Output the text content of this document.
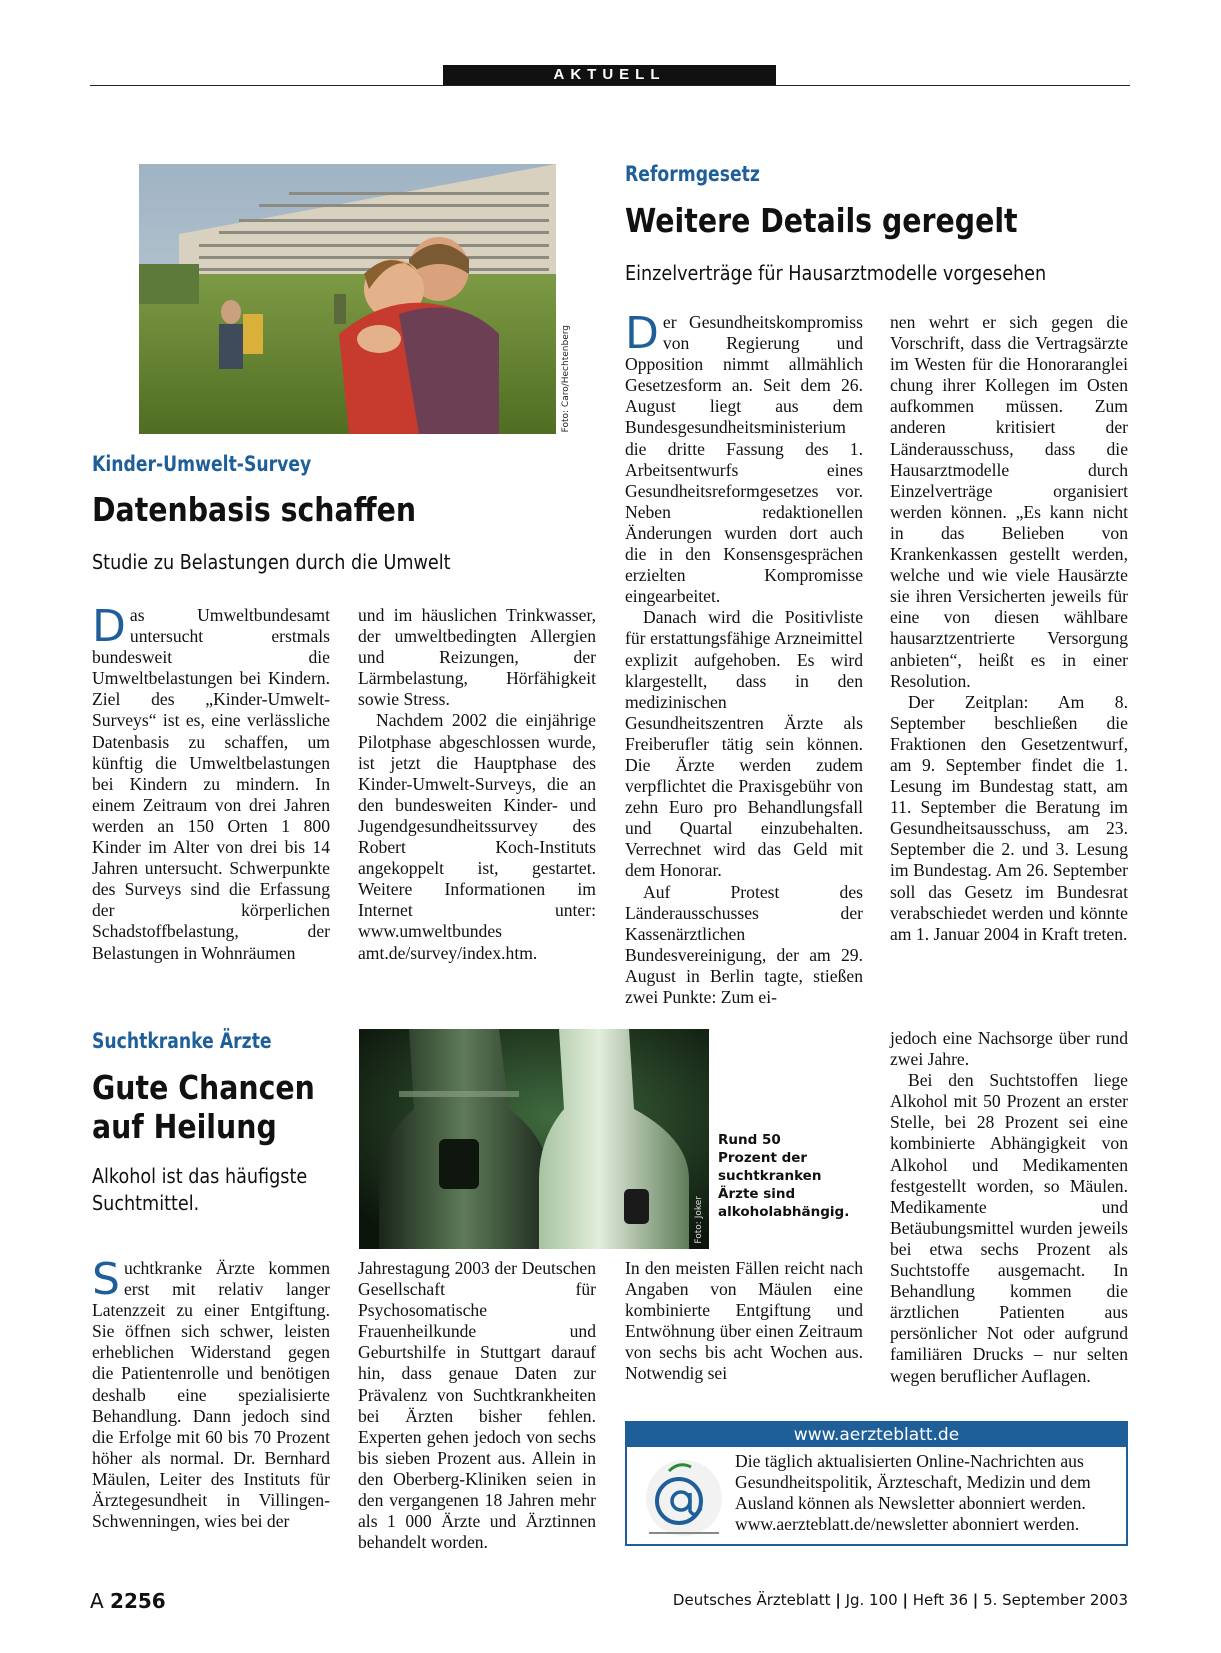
AKTUELL
Foto: Caro/Hechtenberg
Kinder-Umwelt-Survey
Datenbasis schaffen
Studie zu Belastungen durch die Umwelt

Das Umweltbundesamt untersucht erstmals bundesweit die Umweltbelastungen bei Kindern. Ziel des „Kinder-Umwelt-Surveys“ ist es, eine verlässliche Datenbasis zu schaffen, um künftig die Umweltbelastungen bei Kindern zu mindern. In einem Zeitraum von drei Jahren werden an 150 Orten 1 800 Kinder im Alter von drei bis 14 Jahren untersucht. Schwerpunkte des Surveys sind die Erfassung der körperlichen Schadstoffbelastung, der Belastungen in Wohnräumen

und im häuslichen Trinkwasser, der umweltbedingten Allergien und Reizungen, der Lärmbelastung, Hörfähigkeit sowie Stress.

Nachdem 2002 die einjährige Pilotphase abgeschlossen wurde, ist jetzt die Hauptphase des Kinder-Umwelt-Surveys, die an den bundesweiten Kinder- und Jugendgesundheitssurvey des Robert Koch-Instituts angekoppelt ist, gestartet. Weitere Informationen im Internet unter: www.umweltbundes amt.de/survey/index.htm.

Reformgesetz
Weitere Details geregelt
Einzelverträge für Hausarztmodelle vorgesehen

Der Gesundheitskompromiss von Regierung und Opposition nimmt allmählich Gesetzesform an. Seit dem 26. August liegt aus dem Bundesgesundheitsministerium die dritte Fassung des 1. Arbeitsentwurfs eines Gesundheitsreformgesetzes vor. Neben redaktionellen Änderungen wurden dort auch die in den Konsensgesprächen erzielten Kompromisse eingearbeitet.

Danach wird die Positivliste für erstattungsfähige Arzneimittel explizit aufgehoben. Es wird klargestellt, dass in den medizinischen Gesundheitszentren Ärzte als Freiberufler tätig sein können. Die Ärzte werden zudem verpflichtet die Praxisgebühr von zehn Euro pro Behandlungsfall und Quartal einzubehalten. Verrechnet wird das Geld mit dem Honorar.

Auf Protest des Länderausschusses der Kassenärztlichen Bundesvereinigung, der am 29. August in Berlin tagte, stießen zwei Punkte: Zum ei-

nen wehrt er sich gegen die Vorschrift, dass die Vertragsärzte im Westen für die Honoraranglei chung ihrer Kollegen im Osten aufkommen müssen. Zum anderen kritisiert der Länderausschuss, dass die Hausarztmodelle durch Einzelverträge organisiert werden können. „Es kann nicht in das Belieben von Krankenkassen gestellt werden, welche und wie viele Hausärzte sie ihren Versicherten jeweils für eine von diesen wählbare hausarztzentrierte Versorgung anbieten“, heißt es in einer Resolution.

Der Zeitplan: Am 8. September beschließen die Fraktionen den Gesetzentwurf, am 9. September findet die 1. Lesung im Bundestag statt, am 11. September die Beratung im Gesundheitsausschuss, am 23. September die 2. und 3. Lesung im Bundestag. Am 26. September soll das Gesetz im Bundesrat verabschiedet werden und könnte am 1. Januar 2004 in Kraft treten.

Suchtkranke Ärzte
Gute Chancen
auf Heilung
Alkohol ist das häufigste
Suchtmittel.	Foto: Joker
Rund 50 Prozent der suchtkranken Ärzte sind alkoholabhängig.

Suchtkranke Ärzte kommen erst mit relativ langer Latenzzeit zu einer Entgiftung. Sie öffnen sich schwer, leisten erheblichen Widerstand gegen die Patientenrolle und benötigen deshalb eine spezialisierte Behandlung. Dann jedoch sind die Erfolge mit 60 bis 70 Prozent höher als normal. Dr. Bernhard Mäulen, Leiter des Instituts für Ärztegesundheit in Villingen-Schwenningen, wies bei der

Jahrestagung 2003 der Deutschen Gesellschaft für Psychosomatische Frauenheilkunde und Geburtshilfe in Stuttgart darauf hin, dass genaue Daten zur Prävalenz von Suchtkrankheiten bei Ärzten bisher fehlen. Experten gehen jedoch von sechs bis sieben Prozent aus. Allein in den Oberberg-Kliniken seien in den vergangenen 18 Jahren mehr als 1 000 Ärzte und Ärztinnen behandelt worden.

In den meisten Fällen reicht nach Angaben von Mäulen eine kombinierte Entgiftung und Entwöhnung über einen Zeitraum von sechs bis acht Wochen aus. Notwendig sei

jedoch eine Nachsorge über rund zwei Jahre.

Bei den Suchtstoffen liege Alkohol mit 50 Prozent an erster Stelle, bei 28 Prozent sei eine kombinierte Abhängigkeit von Alkohol und Medikamenten festgestellt worden, so Mäulen. Medikamente und Betäubungsmittel wurden jeweils bei etwa sechs Prozent als Suchtstoffe ausgemacht. In Behandlung kommen die ärztlichen Patienten aus persönlicher Not oder aufgrund familiären Drucks – nur selten wegen beruflicher Auflagen.

www.aerzteblatt.de
Die täglich aktualisierten Online-Nachrichten aus Gesundheitspolitik, Ärzteschaft, Medizin und dem Ausland können als Newsletter abonniert werden. www.aerzteblatt.de/newsletter abonniert werden.
A 2256	Deutsches Ärzteblatt | Jg. 100 | Heft 36 | 5. September 2003
